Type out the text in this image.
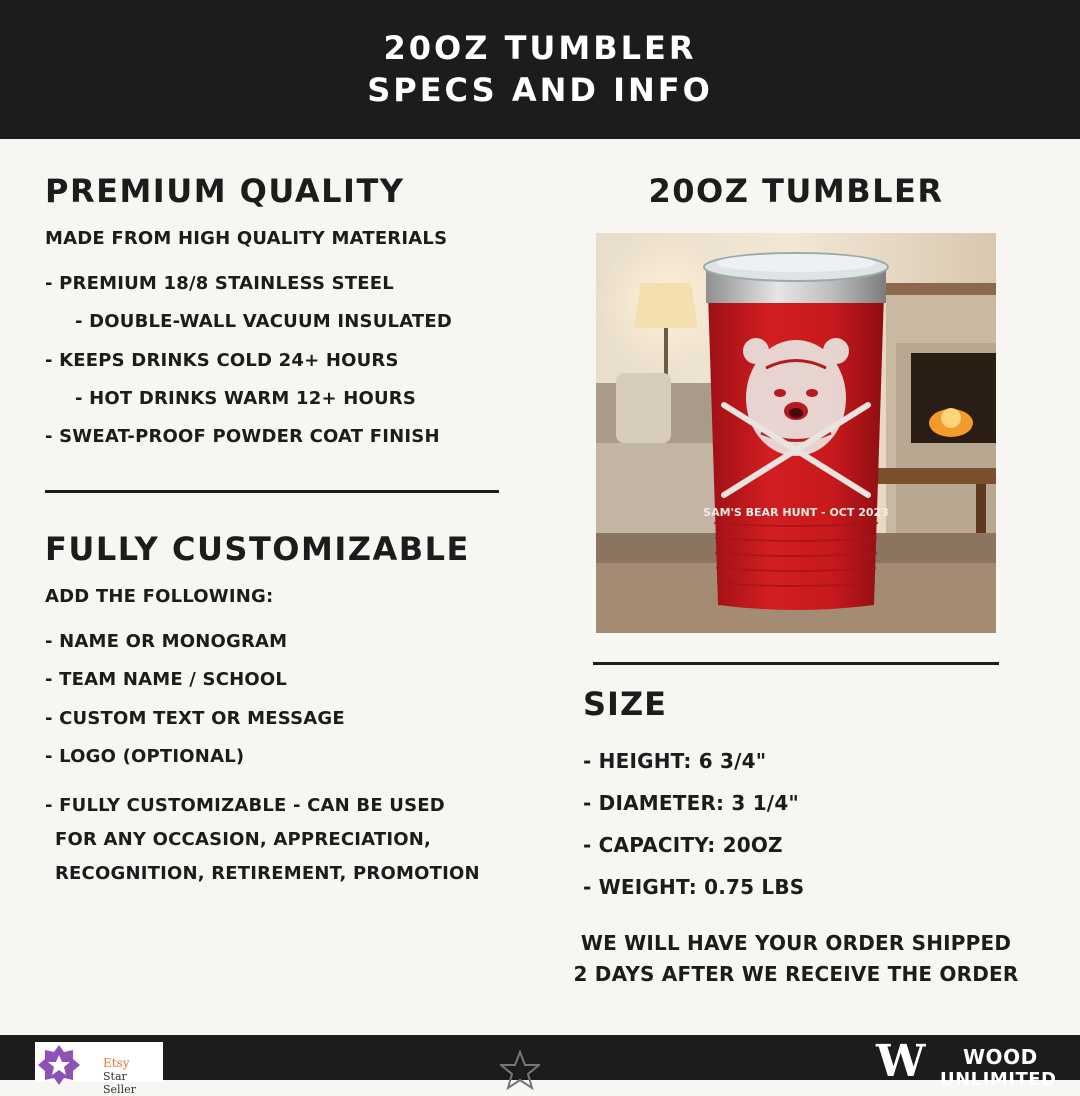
20OZ TUMBLER
SPECS AND INFO
PREMIUM QUALITY
MADE FROM HIGH QUALITY MATERIALS
- PREMIUM 18/8 STAINLESS STEEL
- DOUBLE-WALL VACUUM INSULATED
- KEEPS DRINKS COLD 24+ HOURS
- HOT DRINKS WARM 12+ HOURS
- SWEAT-PROOF POWDER COAT FINISH
FULLY CUSTOMIZABLE
ADD THE FOLLOWING:
- NAME OR MONOGRAM
- TEAM NAME / SCHOOL
- CUSTOM TEXT OR MESSAGE
- LOGO (OPTIONAL)
- FULLY CUSTOMIZABLE - CAN BE USED
FOR ANY OCCASION, APPRECIATION,
RECOGNITION, RETIREMENT, PROMOTION
20OZ TUMBLER
SAM'S BEAR HUNT - OCT 2023
SIZE
- HEIGHT: 6 3/4"
- DIAMETER: 3 1/4"
- CAPACITY: 20OZ
- WEIGHT: 0.75 LBS
WE WILL HAVE YOUR ORDER SHIPPED
2 DAYS AFTER WE RECEIVE THE ORDER
Etsy
Star Seller
W WOOD
UNLIMITED
